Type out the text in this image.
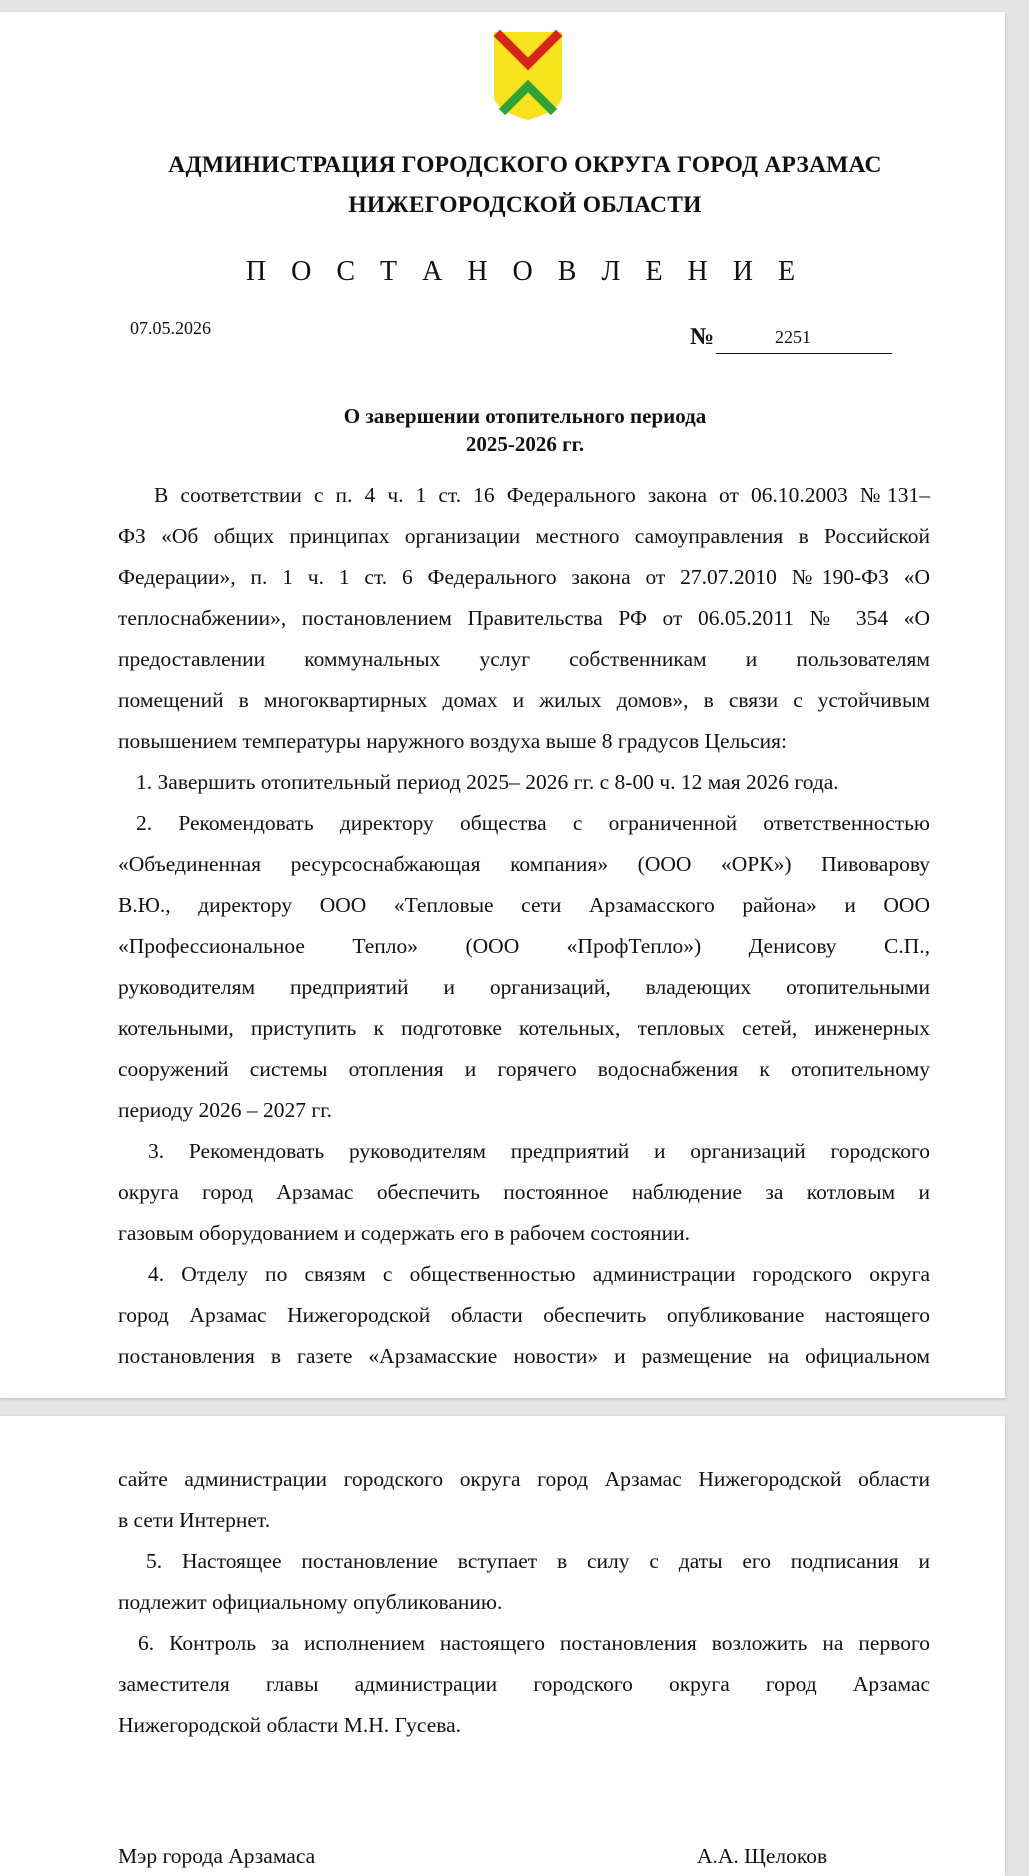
АДМИНИСТРАЦИЯ ГОРОДСКОГО ОКРУГА ГОРОД АРЗАМАС
НИЖЕГОРОДСКОЙ ОБЛАСТИ
П О С Т А Н О В Л Е Н И Е
07.05.2026	№	2251
О завершении отопительного периода
2025-2026 гг.
В соответствии с п. 4 ч. 1 ст. 16 Федерального закона от 06.10.2003 №131–
ФЗ «Об общих принципах организации местного самоуправления в Российской
Федерации», п. 1 ч. 1 ст. 6 Федерального закона от 27.07.2010 №190-ФЗ «О
теплоснабжении», постановлением Правительства РФ от 06.05.2011 № 354 «О
предоставлении коммунальных услуг собственникам и пользователям
помещений в многоквартирных домах и жилых домов», в связи с устойчивым
повышением температуры наружного воздуха выше 8 градусов Цельсия:
1. Завершить отопительный период 2025– 2026 гг. с 8-00 ч. 12 мая 2026 года.
2. Рекомендовать директору общества с ограниченной ответственностью
«Объединенная ресурсоснабжающая компания» (ООО «ОРК») Пивоварову
В.Ю., директору ООО «Тепловые сети Арзамасского района» и ООО
«Профессиональное Тепло» (ООО «ПрофТепло») Денисову С.П.,
руководителям предприятий и организаций, владеющих отопительными
котельными, приступить к подготовке котельных, тепловых сетей, инженерных
сооружений системы отопления и горячего водоснабжения к отопительному
периоду 2026 – 2027 гг.
3. Рекомендовать руководителям предприятий и организаций городского
округа город Арзамас обеспечить постоянное наблюдение за котловым и
газовым оборудованием и содержать его в рабочем состоянии.
4. Отделу по связям с общественностью администрации городского округа
город Арзамас Нижегородской области обеспечить опубликование настоящего
постановления в газете «Арзамасские новости» и размещение на официальном
сайте администрации городского округа город Арзамас Нижегородской области
в сети Интернет.
5. Настоящее постановление вступает в силу с даты его подписания и
подлежит официальному опубликованию.
6. Контроль за исполнением настоящего постановления возложить на первого
заместителя главы администрации городского округа город Арзамас
Нижегородской области М.Н. Гусева.
Мэр города Арзамаса	А.А. Щелоков
